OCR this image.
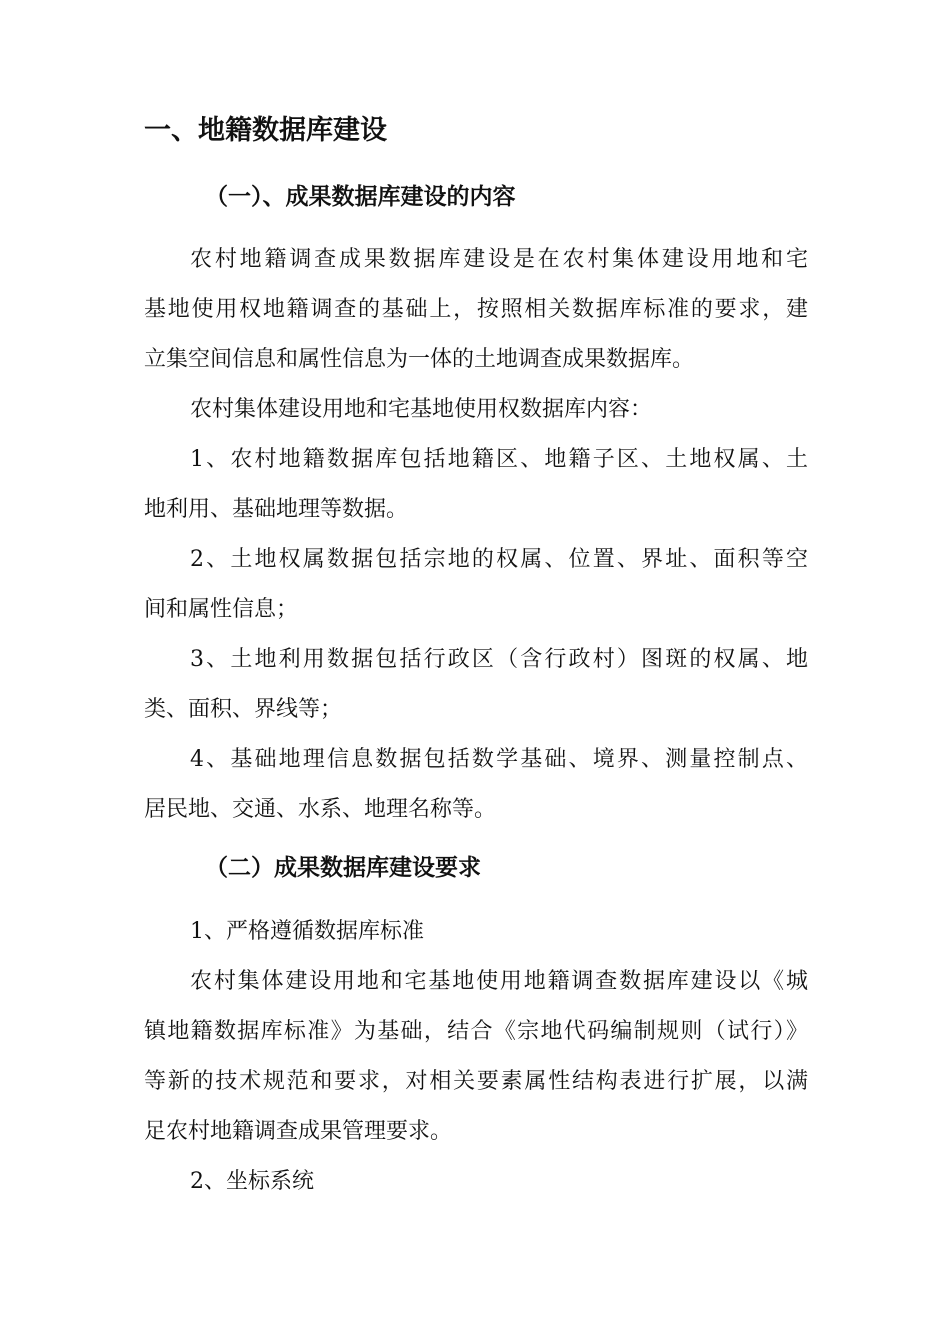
一、地籍数据库建设
（一）、成果数据库建设的内容

农村地籍调查成果数据库建设是在农村集体建设用地和宅

基地使用权地籍调查的基础上，按照相关数据库标准的要求，建

立集空间信息和属性信息为一体的土地调查成果数据库。

农村集体建设用地和宅基地使用权数据库内容：

1、农村地籍数据库包括地籍区、地籍子区、土地权属、土

地利用、基础地理等数据。

2、土地权属数据包括宗地的权属、位置、界址、面积等空

间和属性信息；

3、土地利用数据包括行政区（含行政村）图斑的权属、地

类、面积、界线等；

4、基础地理信息数据包括数学基础、境界、测量控制点、

居民地、交通、水系、地理名称等。

（二）成果数据库建设要求

1、严格遵循数据库标准

农村集体建设用地和宅基地使用地籍调查数据库建设以《城

镇地籍数据库标准》为基础，结合《宗地代码编制规则（试行）》

等新的技术规范和要求，对相关要素属性结构表进行扩展，以满

足农村地籍调查成果管理要求。

2、坐标系统
